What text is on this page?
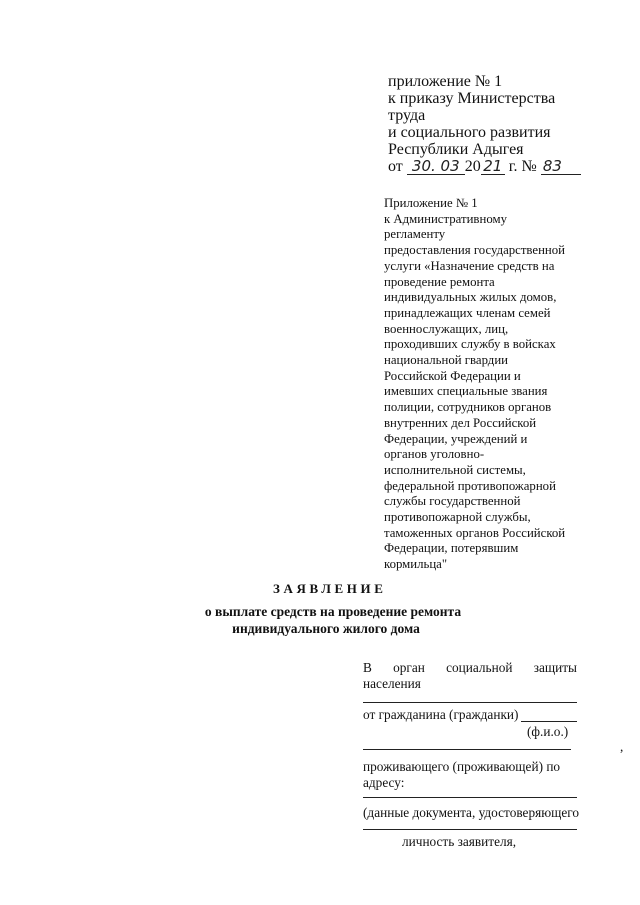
приложение № 1
к приказу Министерства
труда
и социального развития
Республики Адыгея
от 30. 03 20 21 г. № 83
Приложение № 1
к Административному
регламенту
предоставления государственной
услуги «Назначение средств на
проведение ремонта
индивидуальных жилых домов,
принадлежащих членам семей
военнослужащих, лиц,
проходивших службу в войсках
национальной гвардии
Российской Федерации и
имевших специальные звания
полиции, сотрудников органов
внутренних дел Российской
Федерации, учреждений и
органов уголовно-
исполнительной системы,
федеральной противопожарной
службы государственной
противопожарной службы,
таможенных органов Российской
Федерации, потерявшим
кормильца"
ЗАЯВЛЕНИЕ
о выплате средств на проведение ремонта
индивидуального жилого дома
В орган социальной защиты
населения
от гражданина (гражданки)
(ф.и.о.)
,
проживающего (проживающей) по
адресу:
(данные документа, удостоверяющего
личность заявителя,
